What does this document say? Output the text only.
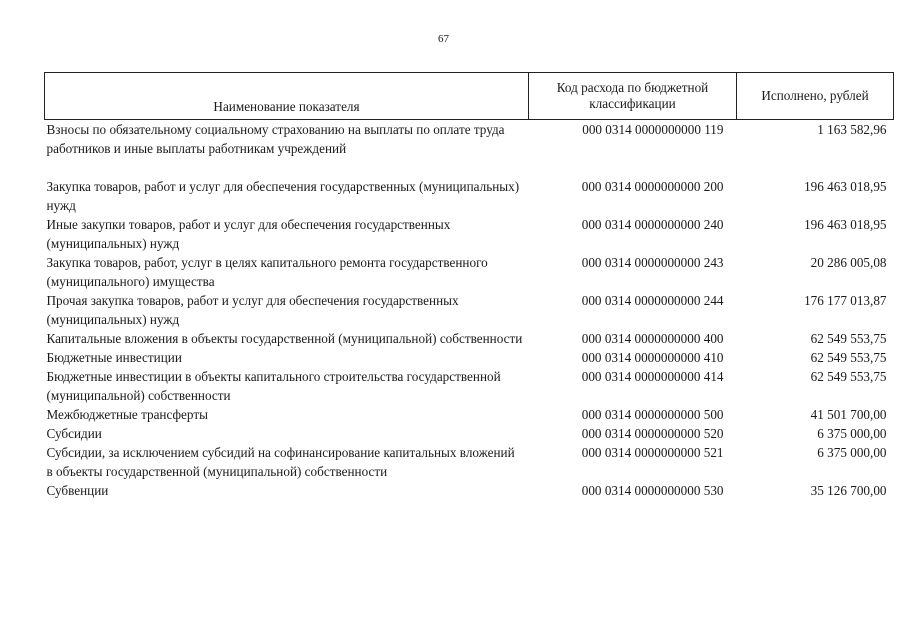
67
Наименование показателя	Код расхода по бюджетной классификации	Исполнено, рублей
Взносы по обязательному социальному страхованию на выплаты по оплате труда работников и иные выплаты работникам учреждений	000 0314 0000000000 119	1 163 582,96
Закупка товаров, работ и услуг для обеспечения государственных (муниципальных) нужд	000 0314 0000000000 200	196 463 018,95
Иные закупки товаров, работ и услуг для обеспечения государственных (муниципальных) нужд	000 0314 0000000000 240	196 463 018,95
Закупка товаров, работ, услуг в целях капитального ремонта государственного (муниципального) имущества	000 0314 0000000000 243	20 286 005,08
Прочая закупка товаров, работ и услуг для обеспечения государственных (муниципальных) нужд	000 0314 0000000000 244	176 177 013,87
Капитальные вложения в объекты государственной (муниципальной) собственности	000 0314 0000000000 400	62 549 553,75
Бюджетные инвестиции	000 0314 0000000000 410	62 549 553,75
Бюджетные инвестиции в объекты капитального строительства государственной (муниципальной) собственности	000 0314 0000000000 414	62 549 553,75
Межбюджетные трансферты	000 0314 0000000000 500	41 501 700,00
Субсидии	000 0314 0000000000 520	6 375 000,00
Субсидии, за исключением субсидий на софинансирование капитальных вложений в объекты государственной (муниципальной) собственности	000 0314 0000000000 521	6 375 000,00
Субвенции	000 0314 0000000000 530	35 126 700,00
